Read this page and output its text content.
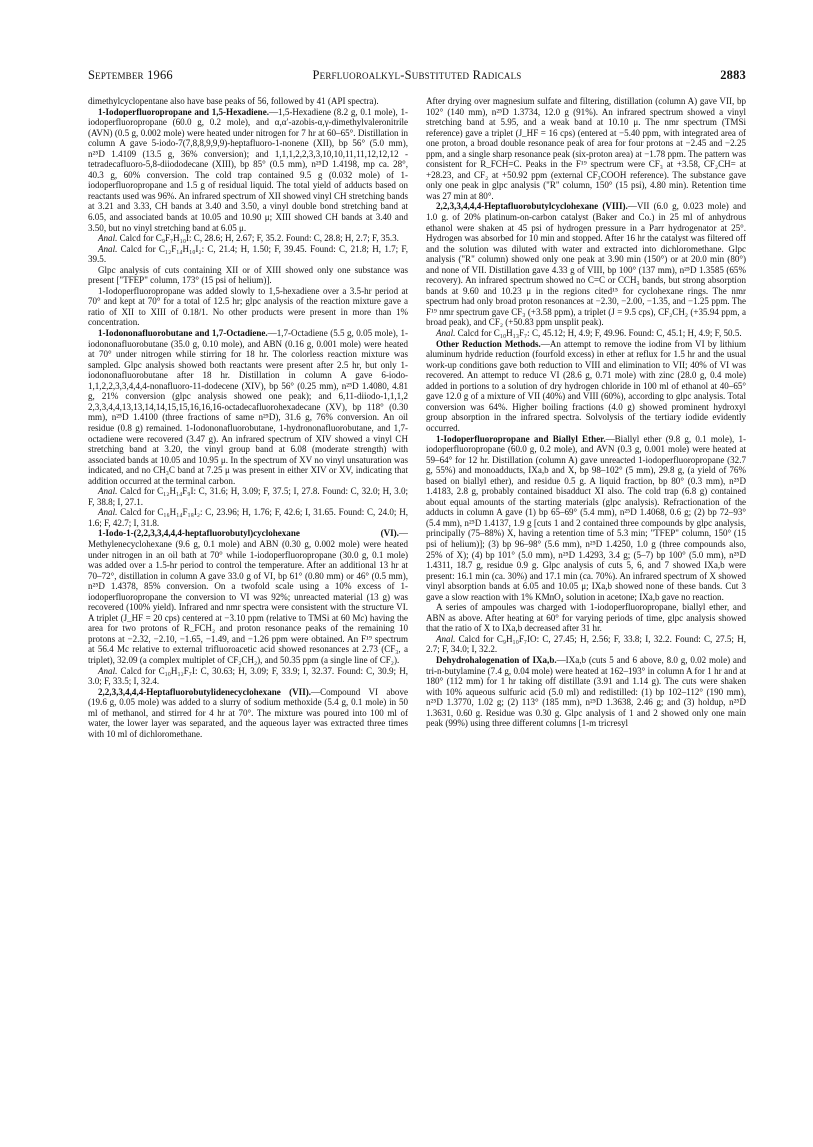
September 1966	Perfluoroalkyl-Substituted Radicals	2883

dimethylcyclopentane also have base peaks of 56, followed by 41 (API spectra).

1-Iodoperfluoropropane and 1,5-Hexadiene.—1,5-Hexadiene (8.2 g, 0.1 mole), 1-iodoperfluoropropane (60.0 g, 0.2 mole), and α,α′-azobis-α,γ-dimethylvaleronitrile (AVN) (0.5 g, 0.002 mole) were heated under nitrogen for 7 hr at 60–65°. Distillation in column A gave 5-iodo-7(7,8,8,9,9,9)-heptafluoro-1-nonene (XII), bp 56° (5.0 mm), n²⁵D 1.4109 (13.5 g, 36% conversion); and 1,1,1,2,2,3,3,10,10,11,11,12,12,12 - tetradecafluoro-5,8-diiododecane (XIII), bp 85° (0.5 mm), n²⁵D 1.4198, mp ca. 28°, 40.3 g, 60% conversion. The cold trap contained 9.5 g (0.032 mole) of 1-iodoperfluoropropane and 1.5 g of residual liquid. The total yield of adducts based on reactants used was 96%. An infrared spectrum of XII showed vinyl CH stretching bands at 3.21 and 3.33, CH bands at 3.40 and 3.50, a vinyl double bond stretching band at 6.05, and associated bands at 10.05 and 10.90 μ; XIII showed CH bands at 3.40 and 3.50, but no vinyl stretching band at 6.05 μ.

Anal. Calcd for C₉F₇H₁₀I: C, 28.6; H, 2.67; F, 35.2. Found: C, 28.8; H, 2.7; F, 35.3.

Anal. Calcd for C₁₂F₁₄H₁₀I₂: C, 21.4; H, 1.50; F, 39.45. Found: C, 21.8; H, 1.7; F, 39.5.

Glpc analysis of cuts containing XII or of XIII showed only one substance was present ["TFEP" column, 173° (15 psi of helium)].

1-Iodoperfluoropropane was added slowly to 1,5-hexadiene over a 3.5-hr period at 70° and kept at 70° for a total of 12.5 hr; glpc analysis of the reaction mixture gave a ratio of XII to XIII of 0.18/1. No other products were present in more than 1% concentration.

1-Iodononafluorobutane and 1,7-Octadiene.—1,7-Octadiene (5.5 g, 0.05 mole), 1-iodononafluorobutane (35.0 g, 0.10 mole), and ABN (0.16 g, 0.001 mole) were heated at 70° under nitrogen while stirring for 18 hr. The colorless reaction mixture was sampled. Glpc analysis showed both reactants were present after 2.5 hr, but only 1-iodononafluorobutane after 18 hr. Distillation in column A gave 6-iodo-1,1,2,2,3,3,4,4,4-nonafluoro-11-dodecene (XIV), bp 56° (0.25 mm), n²⁵D 1.4080, 4.81 g, 21% conversion (glpc analysis showed one peak); and 6,11-diiodo-1,1,1,2 2,3,3,4,4,13,13,14,14,15,15,16,16,16-octadecafluorohexadecane (XV), bp 118° (0.30 mm), n²⁵D 1.4100 (three fractions of same n²⁵D), 31.6 g, 76% conversion. An oil residue (0.8 g) remained. 1-Iodononafluorobutane, 1-hydrononafluorobutane, and 1,7-octadiene were recovered (3.47 g). An infrared spectrum of XIV showed a vinyl CH stretching band at 3.20, the vinyl group band at 6.08 (moderate strength) with associated bands at 10.05 and 10.95 μ. In the spectrum of XV no vinyl unsaturation was indicated, and no CH₃C band at 7.25 μ was present in either XIV or XV, indicating that addition occurred at the terminal carbon.

Anal. Calcd for C₁₂H₁₄F₉I: C, 31.6; H, 3.09; F, 37.5; I, 27.8. Found: C, 32.0; H, 3.0; F, 38.8; I, 27.1.

Anal. Calcd for C₁₆H₁₄F₁₈I₂: C, 23.96; H, 1.76; F, 42.6; I, 31.65. Found: C, 24.0; H, 1.6; F, 42.7; I, 31.8.

1-Iodo-1-(2,2,3,3,4,4,4-heptafluorobutyl)cyclohexane (VI).—Methylenecyclohexane (9.6 g, 0.1 mole) and ABN (0.30 g, 0.002 mole) were heated under nitrogen in an oil bath at 70° while 1-iodoperfluoropropane (30.0 g, 0.1 mole) was added over a 1.5-hr period to control the temperature. After an additional 13 hr at 70–72°, distillation in column A gave 33.0 g of VI, bp 61° (0.80 mm) or 46° (0.5 mm), n²⁵D 1.4378, 85% conversion. On a twofold scale using a 10% excess of 1-iodoperfluoropropane the conversion to VI was 92%; unreacted material (13 g) was recovered (100% yield). Infrared and nmr spectra were consistent with the structure VI. A triplet (J_HF = 20 cps) centered at −3.10 ppm (relative to TMSi at 60 Mc) having the area for two protons of R_FCH₂ and proton resonance peaks of the remaining 10 protons at −2.32, −2.10, −1.65, −1.49, and −1.26 ppm were obtained. An F¹⁹ spectrum at 56.4 Mc relative to external trifluoroacetic acid showed resonances at 2.73 (CF₃, a triplet), 32.09 (a complex multiplet of CF₂CH₂), and 50.35 ppm (a single line of CF₂).

Anal. Calcd for C₁₀H₁₂F₇I: C, 30.63; H, 3.09; F, 33.9; I, 32.37. Found: C, 30.9; H, 3.0; F, 33.5; I, 32.4.

2,2,3,3,4,4,4-Heptafluorobutylidenecyclohexane (VII).—Compound VI above (19.6 g, 0.05 mole) was added to a slurry of sodium methoxide (5.4 g, 0.1 mole) in 50 ml of methanol, and stirred for 4 hr at 70°. The mixture was poured into 100 ml of water, the lower layer was separated, and the aqueous layer was extracted three times with 10 ml of dichloromethane.

After drying over magnesium sulfate and filtering, distillation (column A) gave VII, bp 102° (140 mm), n²⁵D 1.3734, 12.0 g (91%). An infrared spectrum showed a vinyl stretching band at 5.95, and a weak band at 10.10 μ. The nmr spectrum (TMSi reference) gave a triplet (J_HF = 16 cps) (entered at −5.40 ppm, with integrated area of one proton, a broad double resonance peak of area for four protons at −2.45 and −2.25 ppm, and a single sharp resonance peak (six-proton area) at −1.78 ppm. The pattern was consistent for R_FCH=C. Peaks in the F¹⁹ spectrum were CF₃ at +3.58, CF₂CH= at +28.23, and CF₂ at +50.92 ppm (external CF₃COOH reference). The substance gave only one peak in glpc analysis ("R" column, 150° (15 psi), 4.80 min). Retention time was 27 min at 80°.

2,2,3,3,4,4,4-Heptafluorobutylcyclohexane (VIII).—VII (6.0 g, 0.023 mole) and 1.0 g. of 20% platinum-on-carbon catalyst (Baker and Co.) in 25 ml of anhydrous ethanol were shaken at 45 psi of hydrogen pressure in a Parr hydrogenator at 25°. Hydrogen was absorbed for 10 min and stopped. After 16 hr the catalyst was filtered off and the solution was diluted with water and extracted into dichloromethane. Glpc analysis ("R" column) showed only one peak at 3.90 min (150°) or at 20.0 min (80°) and none of VII. Distillation gave 4.33 g of VIII, bp 100° (137 mm), n²⁵D 1.3585 (65% recovery). An infrared spectrum showed no C=C or CCH₃ bands, but strong absorption bands at 9.60 and 10.23 μ in the regions cited¹⁵ for cyclohexane rings. The nmr spectrum had only broad proton resonances at −2.30, −2.00, −1.35, and −1.25 ppm. The F¹⁹ nmr spectrum gave CF₃ (+3.58 ppm), a triplet (J = 9.5 cps), CF₂CH₂ (+35.94 ppm, a broad peak), and CF₂ (+50.83 ppm unsplit peak).

Anal. Calcd for C₁₀H₁₃F₇: C, 45.12; H, 4.9; F, 49.96. Found: C, 45.1; H, 4.9; F, 50.5.

Other Reduction Methods.—An attempt to remove the iodine from VI by lithium aluminum hydride reduction (fourfold excess) in ether at reflux for 1.5 hr and the usual work-up conditions gave both reduction to VIII and elimination to VII; 40% of VI was recovered. An attempt to reduce VI (28.6 g, 0.71 mole) with zinc (28.0 g, 0.4 mole) added in portions to a solution of dry hydrogen chloride in 100 ml of ethanol at 40–65° gave 12.0 g of a mixture of VII (40%) and VIII (60%), according to glpc analysis. Total conversion was 64%. Higher boiling fractions (4.0 g) showed prominent hydroxyl group absorption in the infrared spectra. Solvolysis of the tertiary iodide evidently occurred.

1-Iodoperfluoropropane and Biallyl Ether.—Biallyl ether (9.8 g, 0.1 mole), 1-iodoperfluoropropane (60.0 g, 0.2 mole), and AVN (0.3 g, 0.001 mole) were heated at 59–64° for 12 hr. Distillation (column A) gave unreacted 1-iodoperfluoropropane (32.7 g, 55%) and monoadducts, IXa,b and X, bp 98–102° (5 mm), 29.8 g, (a yield of 76% based on biallyl ether), and residue 0.5 g. A liquid fraction, bp 80° (0.3 mm), n²⁵D 1.4183, 2.8 g, probably contained bisadduct XI also. The cold trap (6.8 g) contained about equal amounts of the starting materials (glpc analysis). Refractionation of the adducts in column A gave (1) bp 65–69° (5.4 mm), n²⁵D 1.4068, 0.6 g; (2) bp 72–93° (5.4 mm), n²⁵D 1.4137, 1.9 g [cuts 1 and 2 contained three compounds by glpc analysis, principally (75–88%) X, having a retention time of 5.3 min; "TFEP" column, 150° (15 psi of helium)]; (3) bp 96–98° (5.6 mm), n²⁵D 1.4250, 1.0 g (three compounds also, 25% of X); (4) bp 101° (5.0 mm), n²⁵D 1.4293, 3.4 g; (5–7) bp 100° (5.0 mm), n²⁵D 1.4311, 18.7 g, residue 0.9 g. Glpc analysis of cuts 5, 6, and 7 showed IXa,b were present: 16.1 min (ca. 30%) and 17.1 min (ca. 70%). An infrared spectrum of X showed vinyl absorption bands at 6.05 and 10.05 μ; IXa,b showed none of these bands. Cut 3 gave a slow reaction with 1% KMnO₄ solution in acetone; IXa,b gave no reaction.

A series of ampoules was charged with 1-iodoperfluoropropane, biallyl ether, and ABN as above. After heating at 60° for varying periods of time, glpc analysis showed that the ratio of X to IXa,b decreased after 31 hr.

Anal. Calcd for C₉H₁₀F₇IO: C, 27.45; H, 2.56; F, 33.8; I, 32.2. Found: C, 27.5; H, 2.7; F, 34.0; I, 32.2.

Dehydrohalogenation of IXa,b.—IXa,b (cuts 5 and 6 above, 8.0 g, 0.02 mole) and tri-n-butylamine (7.4 g, 0.04 mole) were heated at 162–193° in column A for 1 hr and at 180° (112 mm) for 1 hr taking off distillate (3.91 and 1.14 g). The cuts were shaken with 10% aqueous sulfuric acid (5.0 ml) and redistilled: (1) bp 102–112° (190 mm), n²⁵D 1.3770, 1.02 g; (2) 113° (185 mm), n²⁵D 1.3638, 2.46 g; and (3) holdup, n²⁵D 1.3631, 0.60 g. Residue was 0.30 g. Glpc analysis of 1 and 2 showed only one main peak (99%) using three different columns [1-m tricresyl
